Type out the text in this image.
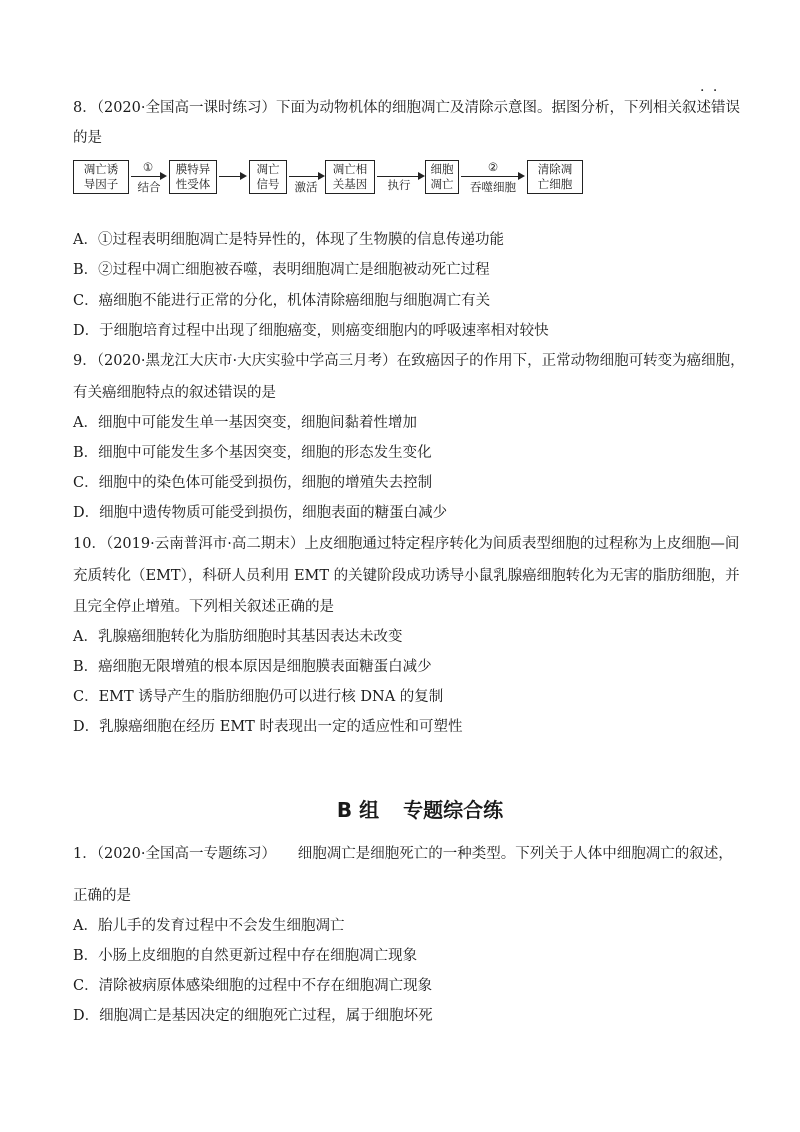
· ·
8．（2020·全国高一课时练习）下面为动物机体的细胞凋亡及清除示意图。据图分析，下列相关叙述错误
的是
凋亡诱
导因子
①
结合
膜特异
性受体
凋亡
信号	激活
凋亡相
关基因	执行
细胞
凋亡
②
吞噬细胞
清除凋
亡细胞
A．①过程表明细胞凋亡是特异性的，体现了生物膜的信息传递功能
B．②过程中凋亡细胞被吞噬，表明细胞凋亡是细胞被动死亡过程
C．癌细胞不能进行正常的分化，机体清除癌细胞与细胞凋亡有关
D．于细胞培育过程中出现了细胞癌变，则癌变细胞内的呼吸速率相对较快
9．（2020·黑龙江大庆市·大庆实验中学高三月考）在致癌因子的作用下，正常动物细胞可转变为癌细胞，
有关癌细胞特点的叙述错误的是
A．细胞中可能发生单一基因突变，细胞间黏着性增加
B．细胞中可能发生多个基因突变，细胞的形态发生变化
C．细胞中的染色体可能受到损伤，细胞的增殖失去控制
D．细胞中遗传物质可能受到损伤，细胞表面的糖蛋白减少
10．（2019·云南普洱市·高二期末）上皮细胞通过特定程序转化为间质表型细胞的过程称为上皮细胞—间
充质转化（EMT），科研人员利用 EMT 的关键阶段成功诱导小鼠乳腺癌细胞转化为无害的脂肪细胞，并
且完全停止增殖。下列相关叙述正确的是
A．乳腺癌细胞转化为脂肪细胞时其基因表达未改变
B．癌细胞无限增殖的根本原因是细胞膜表面糖蛋白减少
C．EMT 诱导产生的脂肪细胞仍可以进行核 DNA 的复制
D．乳腺癌细胞在经历 EMT 时表现出一定的适应性和可塑性
B 组 专题综合练
1．（2020·全国高一专题练习）　　细胞凋亡是细胞死亡的一种类型。下列关于人体中细胞凋亡的叙述，
正确的是
A．胎儿手的发育过程中不会发生细胞凋亡
B．小肠上皮细胞的自然更新过程中存在细胞凋亡现象
C．清除被病原体感染细胞的过程中不存在细胞凋亡现象
D．细胞凋亡是基因决定的细胞死亡过程，属于细胞坏死
